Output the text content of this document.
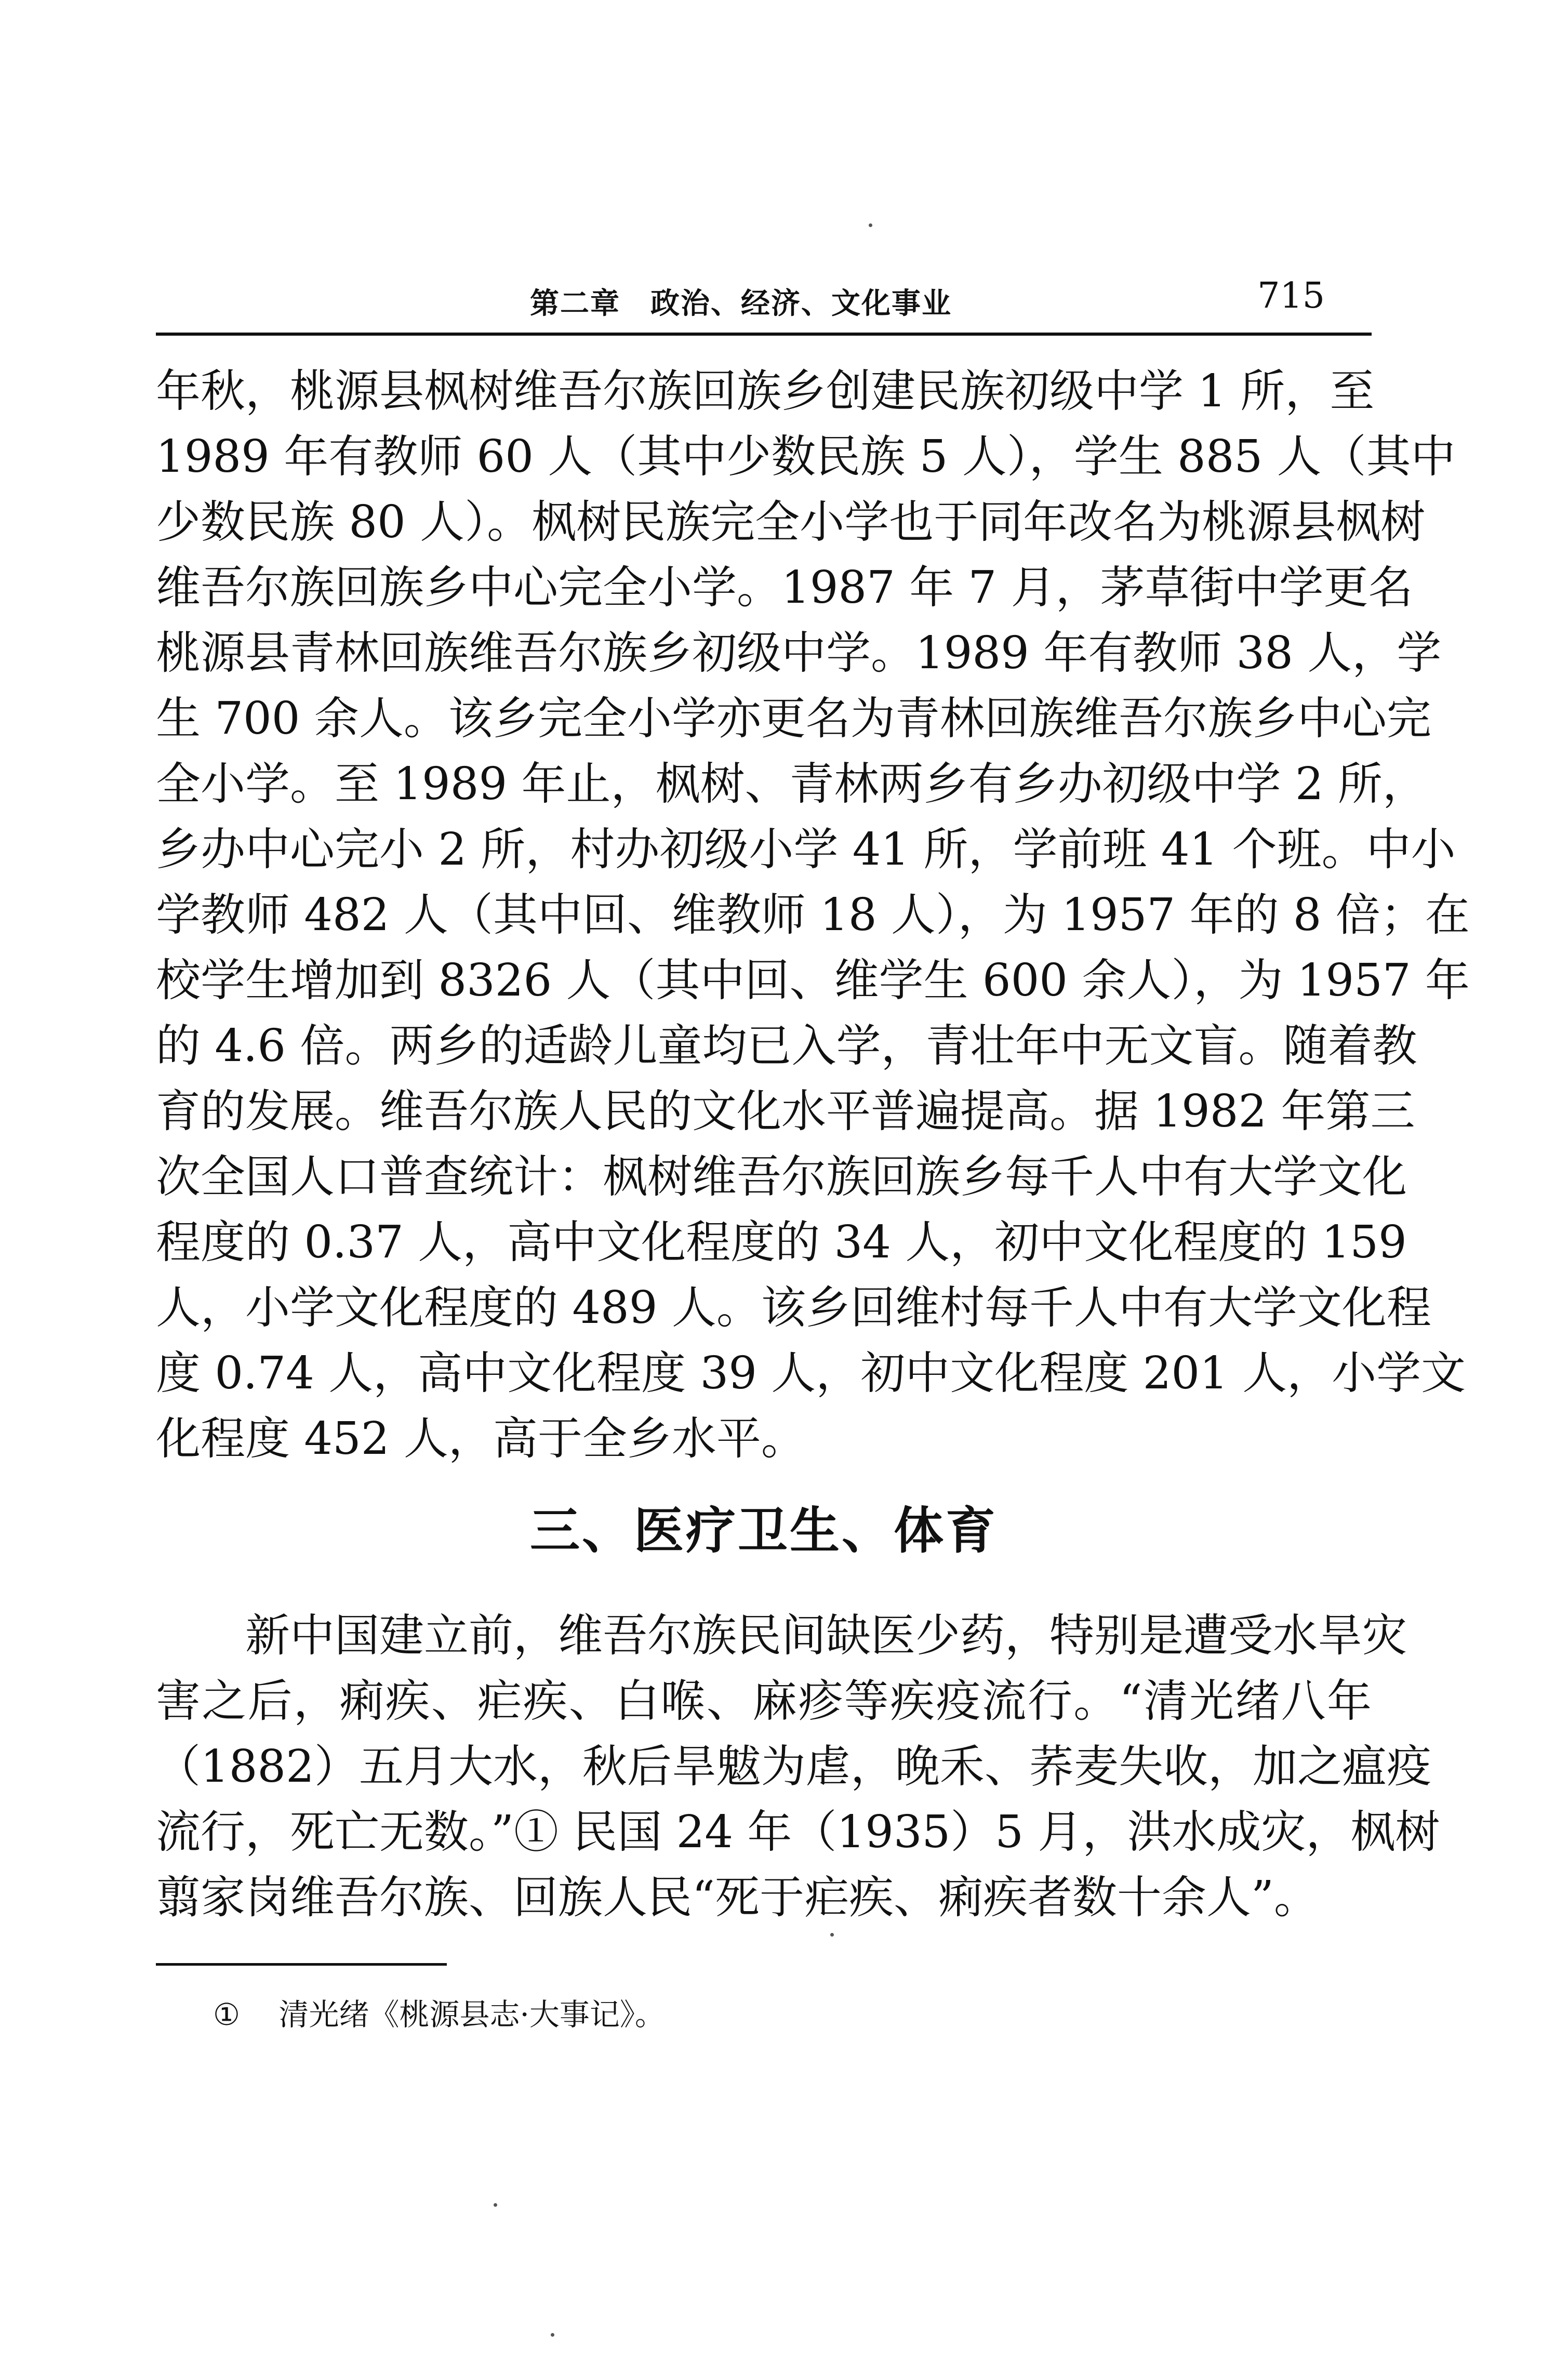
第二章　政治、经济、文化事业	715
年秋，桃源县枫树维吾尔族回族乡创建民族初级中学 1 所，至
1989 年有教师 60 人（其中少数民族 5 人），学生 885 人（其中
少数民族 80 人）。枫树民族完全小学也于同年改名为桃源县枫树
维吾尔族回族乡中心完全小学。1987 年 7 月，茅草街中学更名
桃源县青林回族维吾尔族乡初级中学。1989 年有教师 38 人，学
生 700 余人。该乡完全小学亦更名为青林回族维吾尔族乡中心完
全小学。至 1989 年止，枫树、青林两乡有乡办初级中学 2 所，
乡办中心完小 2 所，村办初级小学 41 所，学前班 41 个班。中小
学教师 482 人（其中回、维教师 18 人），为 1957 年的 8 倍；在
校学生增加到 8326 人（其中回、维学生 600 余人），为 1957 年
的 4.6 倍。两乡的适龄儿童均已入学，青壮年中无文盲。随着教
育的发展。维吾尔族人民的文化水平普遍提高。据 1982 年第三
次全国人口普查统计：枫树维吾尔族回族乡每千人中有大学文化
程度的 0.37 人，高中文化程度的 34 人，初中文化程度的 159
人，小学文化程度的 489 人。该乡回维村每千人中有大学文化程
度 0.74 人，高中文化程度 39 人，初中文化程度 201 人，小学文
化程度 452 人，高于全乡水平。
三、医疗卫生、体育
新中国建立前，维吾尔族民间缺医少药，特别是遭受水旱灾
害之后，痢疾、疟疾、白喉、麻疹等疾疫流行。“清光绪八年
（1882）五月大水，秋后旱魃为虐，晚禾、荞麦失收，加之瘟疫
流行，死亡无数。”① 民国 24 年（1935）5 月，洪水成灾，枫树
翦家岗维吾尔族、回族人民“死于疟疾、痢疾者数十余人”。
① 清光绪《桃源县志·大事记》。
